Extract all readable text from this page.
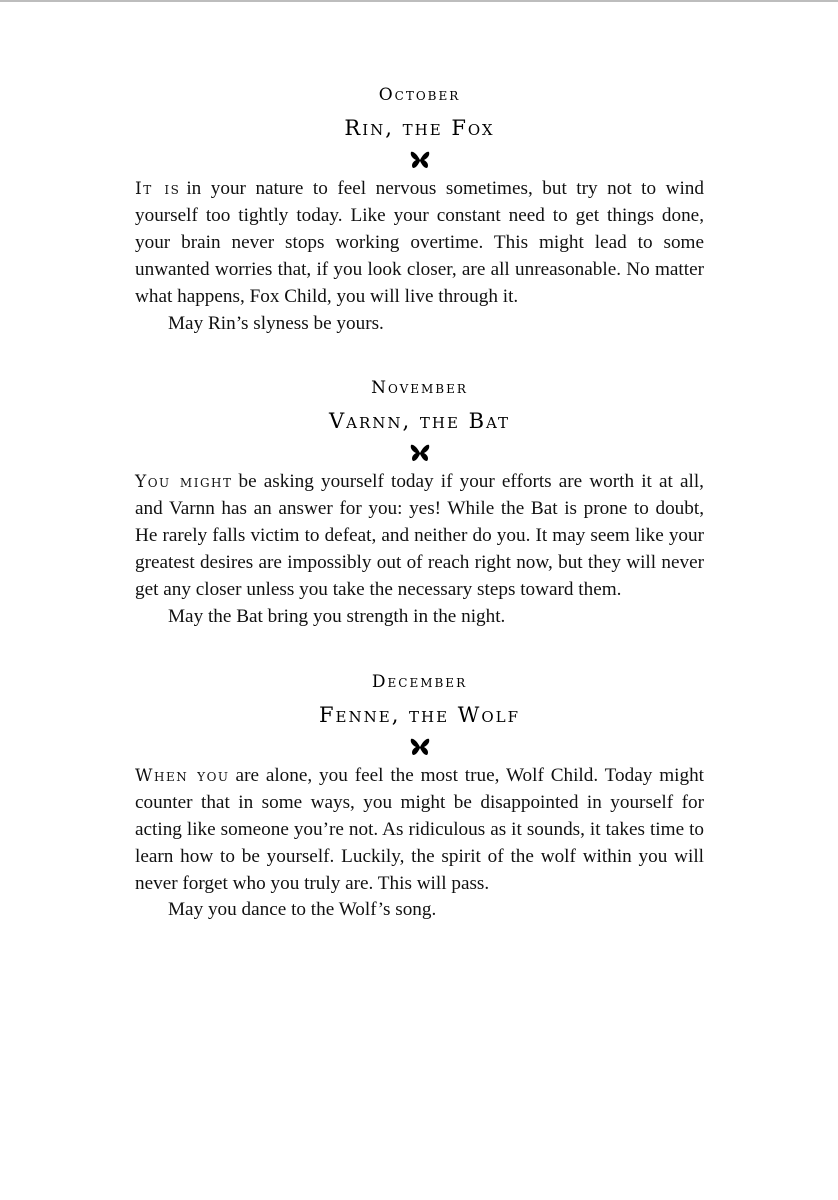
October
Rin, the Fox

It is in your nature to feel nervous sometimes, but try not to wind yourself too tightly today. Like your constant need to get things done, your brain never stops working overtime. This might lead to some unwanted worries that, if you look closer, are all unreasonable. No matter what happens, Fox Child, you will live through it.

May Rin’s slyness be yours.

November
Varnn, the Bat

You might be asking yourself today if your efforts are worth it at all, and Varnn has an answer for you: yes! While the Bat is prone to doubt, He rarely falls victim to defeat, and neither do you. It may seem like your greatest desires are impossibly out of reach right now, but they will never get any closer unless you take the necessary steps toward them.

May the Bat bring you strength in the night.

December
Fenne, the Wolf

When you are alone, you feel the most true, Wolf Child. Today might counter that in some ways, you might be disappointed in yourself for acting like someone you’re not. As ridiculous as it sounds, it takes time to learn how to be yourself. Luckily, the spirit of the wolf within you will never forget who you truly are. This will pass.

May you dance to the Wolf’s song.
